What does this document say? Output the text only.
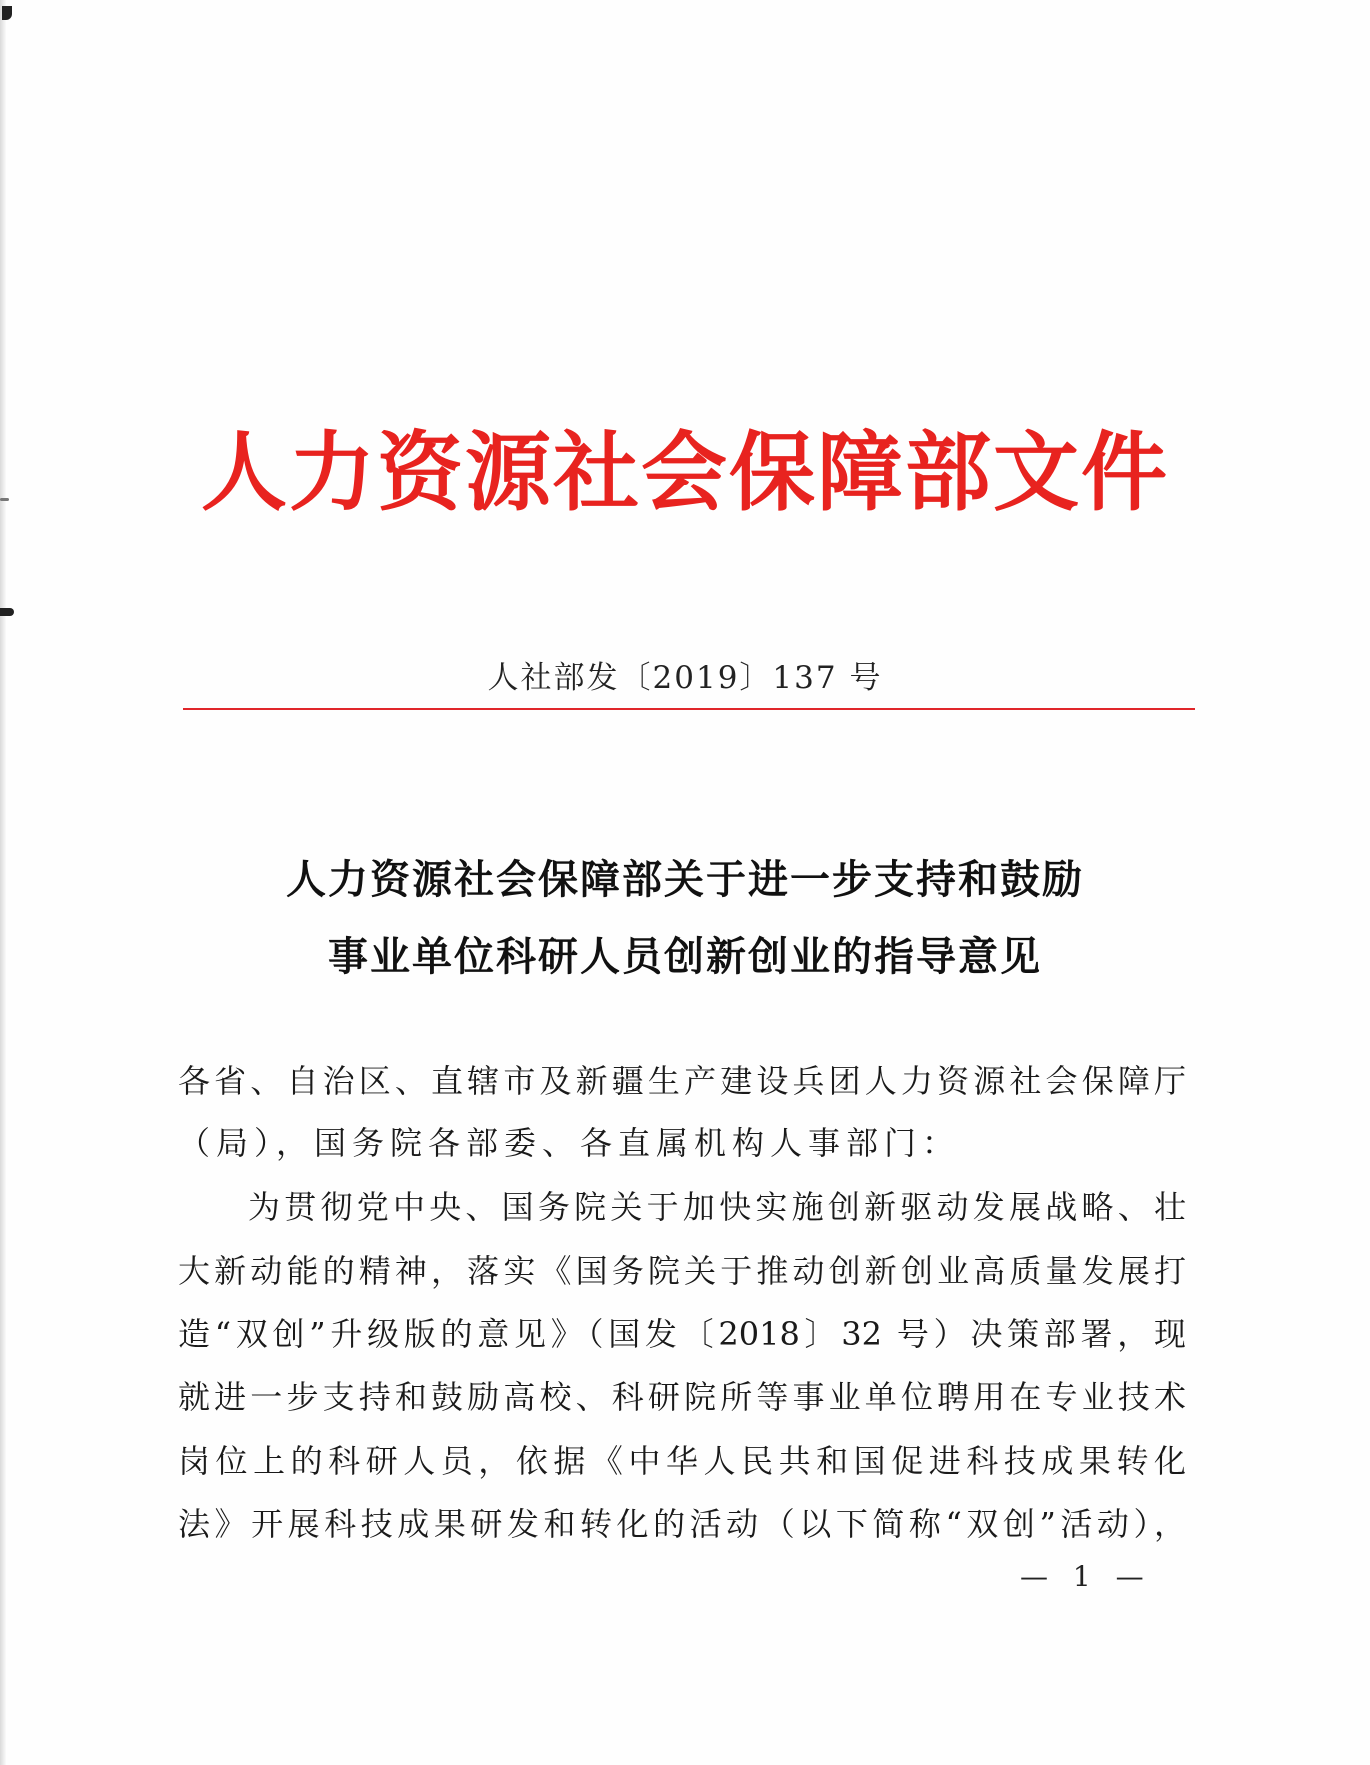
人力资源社会保障部文件
人社部发〔2019〕137 号
人力资源社会保障部关于进一步支持和鼓励
事业单位科研人员创新创业的指导意见
各省、自治区、直辖市及新疆生产建设兵团人力资源社会保障厅
（局），国务院各部委、各直属机构人事部门：
为贯彻党中央、国务院关于加快实施创新驱动发展战略、壮
大新动能的精神，落实《国务院关于推动创新创业高质量发展打
造“双创”升级版的意见》（国发〔2018〕32 号）决策部署，现
就进一步支持和鼓励高校、科研院所等事业单位聘用在专业技术
岗位上的科研人员，依据《中华人民共和国促进科技成果转化
法》开展科技成果研发和转化的活动（以下简称“双创”活动），
— 1 —
